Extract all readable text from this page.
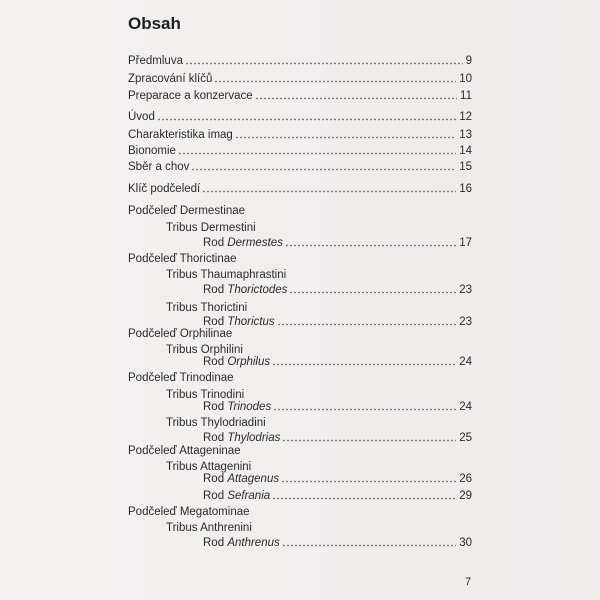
Obsah
Předmluva	9
Zpracování klíčů	10
Preparace a konzervace	11
Úvod	12
Charakteristika imag	13
Bionomie	14
Sběr a chov	15
Klíč podčeledí	16
Podčeleď Dermestinae
Tribus Dermestini
Rod Dermestes	17
Podčeleď Thorictinae
Tribus Thaumaphrastini
Rod Thorictodes	23
Tribus Thorictini
Rod Thorictus	23
Podčeleď Orphilinae
Tribus Orphilini
Rod Orphilus	24
Podčeleď Trinodinae
Tribus Trinodini
Rod Trinodes	24
Tribus Thylodriadini
Rod Thylodrias	25
Podčeleď Attageninae
Tribus Attagenini
Rod Attagenus	26
Rod Sefrania	29
Podčeleď Megatominae
Tribus Anthrenini
Rod Anthrenus	30
7
